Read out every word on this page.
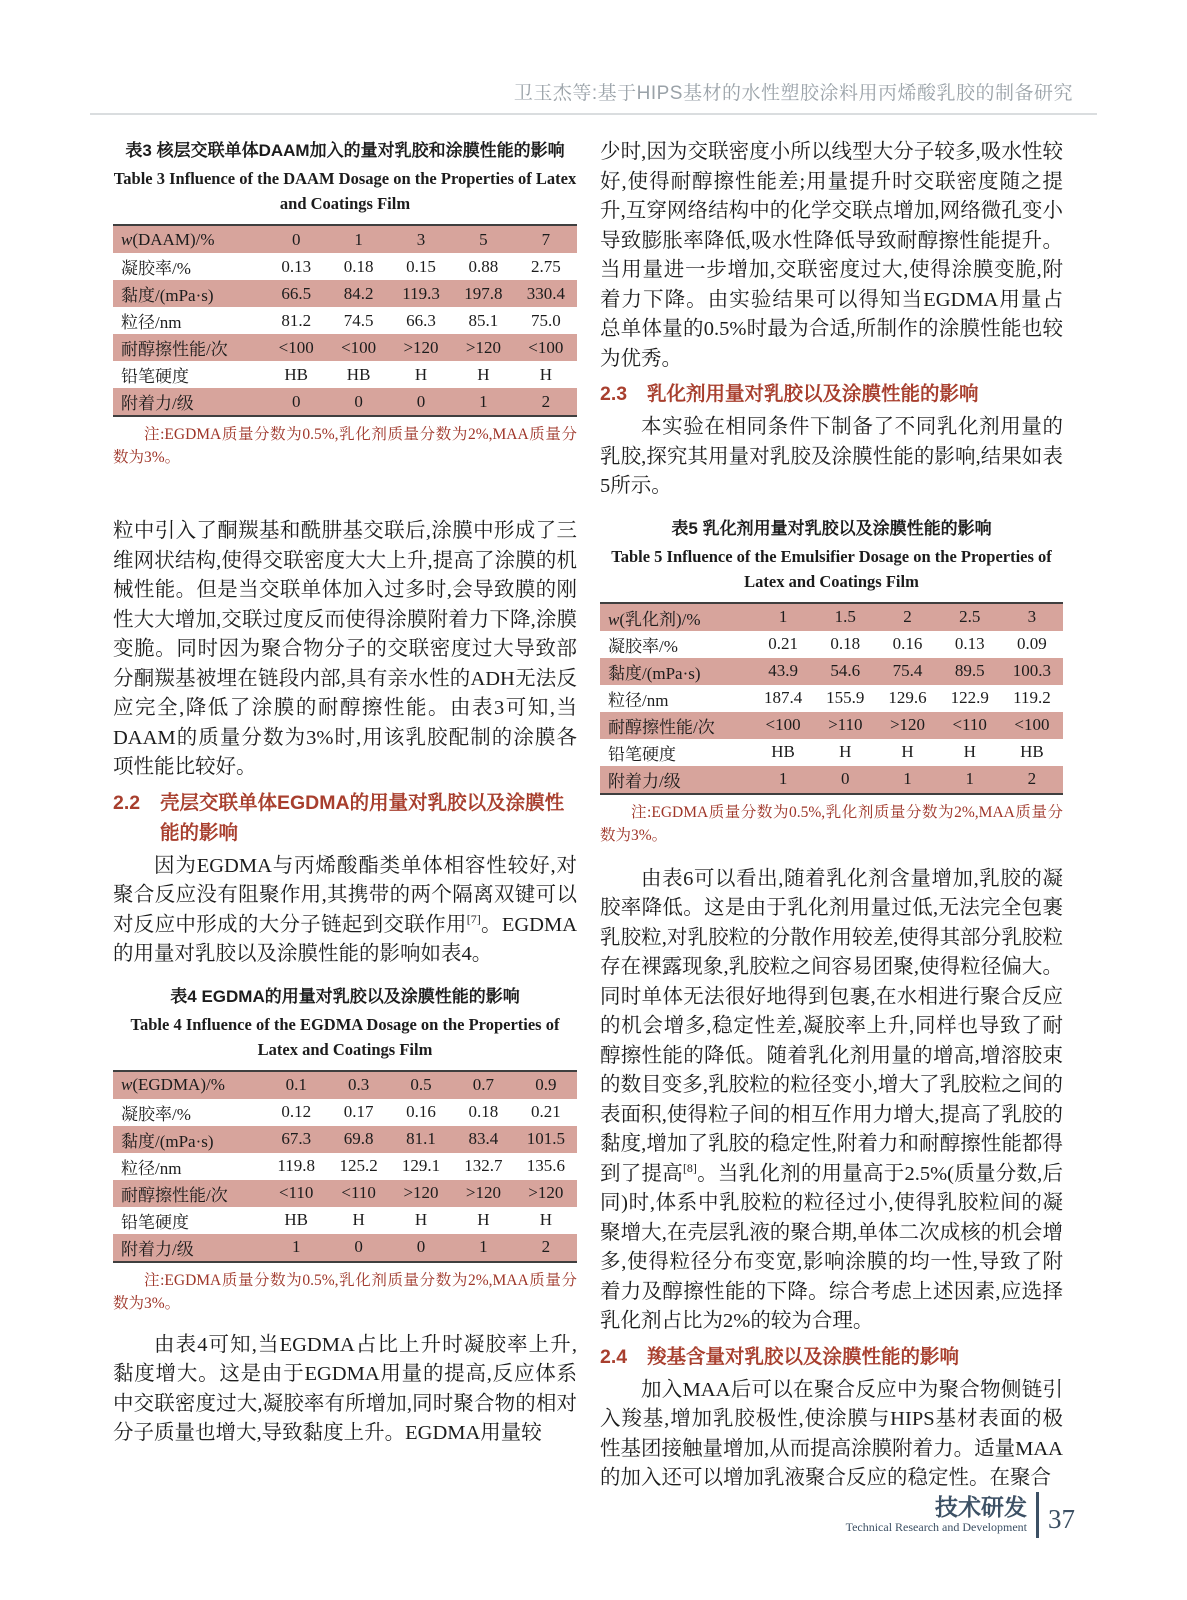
卫玉杰等:基于HIPS基材的水性塑胶涂料用丙烯酸乳胶的制备研究
表3 核层交联单体DAAM加入的量对乳胶和涂膜性能的影响
Table 3 Influence of the DAAM Dosage on the Properties of Latex and Coatings Film
w(DAAM)/%	0	1	3	5	7
凝胶率/%	0.13	0.18	0.15	0.88	2.75
黏度/(mPa·s)	66.5	84.2	119.3	197.8	330.4
粒径/nm	81.2	74.5	66.3	85.1	75.0
耐醇擦性能/次	<100	<100	>120	>120	<100
铅笔硬度	HB	HB	H	H	H
附着力/级	0	0	0	1	2

注:EGDMA质量分数为0.5%,乳化剂质量分数为2%,MAA质量分数为3%。

粒中引入了酮羰基和酰肼基交联后,涂膜中形成了三维网状结构,使得交联密度大大上升,提高了涂膜的机械性能。但是当交联单体加入过多时,会导致膜的刚性大大增加,交联过度反而使得涂膜附着力下降,涂膜变脆。同时因为聚合物分子的交联密度过大导致部分酮羰基被埋在链段内部,具有亲水性的ADH无法反应完全,降低了涂膜的耐醇擦性能。由表3可知,当DAAM的质量分数为3%时,用该乳胶配制的涂膜各项性能比较好。

2.2	壳层交联单体EGDMA的用量对乳胶以及涂膜性能的影响

因为EGDMA与丙烯酸酯类单体相容性较好,对聚合反应没有阻聚作用,其携带的两个隔离双键可以对反应中形成的大分子链起到交联作用[7]。EGDMA的用量对乳胶以及涂膜性能的影响如表4。

表4 EGDMA的用量对乳胶以及涂膜性能的影响
Table 4 Influence of the EGDMA Dosage on the Properties of Latex and Coatings Film
w(EGDMA)/%	0.1	0.3	0.5	0.7	0.9
凝胶率/%	0.12	0.17	0.16	0.18	0.21
黏度/(mPa·s)	67.3	69.8	81.1	83.4	101.5
粒径/nm	119.8	125.2	129.1	132.7	135.6
耐醇擦性能/次	<110	<110	>120	>120	>120
铅笔硬度	HB	H	H	H	H
附着力/级	1	0	0	1	2

注:EGDMA质量分数为0.5%,乳化剂质量分数为2%,MAA质量分数为3%。

由表4可知,当EGDMA占比上升时凝胶率上升,黏度增大。这是由于EGDMA用量的提高,反应体系中交联密度过大,凝胶率有所增加,同时聚合物的相对分子质量也增大,导致黏度上升。EGDMA用量较

少时,因为交联密度小所以线型大分子较多,吸水性较好,使得耐醇擦性能差;用量提升时交联密度随之提升,互穿网络结构中的化学交联点增加,网络微孔变小导致膨胀率降低,吸水性降低导致耐醇擦性能提升。当用量进一步增加,交联密度过大,使得涂膜变脆,附着力下降。由实验结果可以得知当EGDMA用量占总单体量的0.5%时最为合适,所制作的涂膜性能也较为优秀。

2.3	乳化剂用量对乳胶以及涂膜性能的影响

本实验在相同条件下制备了不同乳化剂用量的乳胶,探究其用量对乳胶及涂膜性能的影响,结果如表5所示。

表5 乳化剂用量对乳胶以及涂膜性能的影响
Table 5 Influence of the Emulsifier Dosage on the Properties of Latex and Coatings Film
w(乳化剂)/%	1	1.5	2	2.5	3
凝胶率/%	0.21	0.18	0.16	0.13	0.09
黏度/(mPa·s)	43.9	54.6	75.4	89.5	100.3
粒径/nm	187.4	155.9	129.6	122.9	119.2
耐醇擦性能/次	<100	>110	>120	<110	<100
铅笔硬度	HB	H	H	H	HB
附着力/级	1	0	1	1	2

注:EGDMA质量分数为0.5%,乳化剂质量分数为2%,MAA质量分数为3%。

由表6可以看出,随着乳化剂含量增加,乳胶的凝胶率降低。这是由于乳化剂用量过低,无法完全包裹乳胶粒,对乳胶粒的分散作用较差,使得其部分乳胶粒存在裸露现象,乳胶粒之间容易团聚,使得粒径偏大。同时单体无法很好地得到包裹,在水相进行聚合反应的机会增多,稳定性差,凝胶率上升,同样也导致了耐醇擦性能的降低。随着乳化剂用量的增高,增溶胶束的数目变多,乳胶粒的粒径变小,增大了乳胶粒之间的表面积,使得粒子间的相互作用力增大,提高了乳胶的黏度,增加了乳胶的稳定性,附着力和耐醇擦性能都得到了提高[8]。当乳化剂的用量高于2.5%(质量分数,后同)时,体系中乳胶粒的粒径过小,使得乳胶粒间的凝聚增大,在壳层乳液的聚合期,单体二次成核的机会增多,使得粒径分布变宽,影响涂膜的均一性,导致了附着力及醇擦性能的下降。综合考虑上述因素,应选择乳化剂占比为2%的较为合理。

2.4	羧基含量对乳胶以及涂膜性能的影响

加入MAA后可以在聚合反应中为聚合物侧链引入羧基,增加乳胶极性,使涂膜与HIPS基材表面的极性基团接触量增加,从而提高涂膜附着力。适量MAA的加入还可以增加乳液聚合反应的稳定性。在聚合

技术研发
Technical Research and Development 37
